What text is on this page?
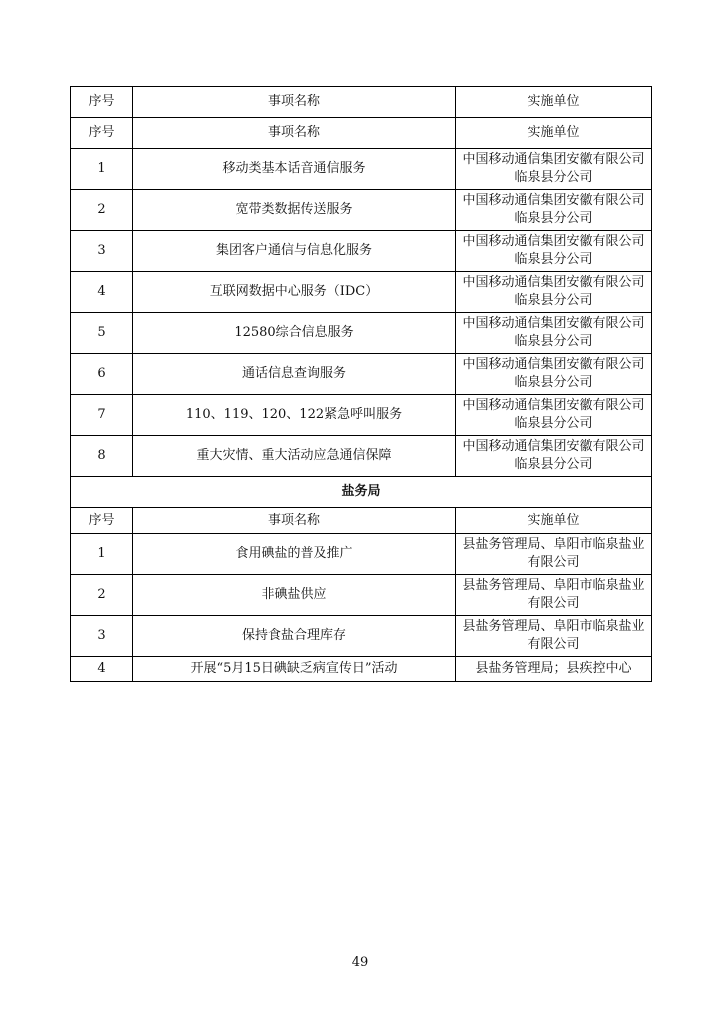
序号	事项名称	实施单位
序号	事项名称	实施单位
1	移动类基本话音通信服务	中国移动通信集团安徽有限公司
临泉县分公司
2	宽带类数据传送服务	中国移动通信集团安徽有限公司
临泉县分公司
3	集团客户通信与信息化服务	中国移动通信集团安徽有限公司
临泉县分公司
4	互联网数据中心服务（IDC）	中国移动通信集团安徽有限公司
临泉县分公司
5	12580综合信息服务	中国移动通信集团安徽有限公司
临泉县分公司
6	通话信息查询服务	中国移动通信集团安徽有限公司
临泉县分公司
7	110、119、120、122紧急呼叫服务	中国移动通信集团安徽有限公司
临泉县分公司
8	重大灾情、重大活动应急通信保障	中国移动通信集团安徽有限公司
临泉县分公司
盐务局		
序号	事项名称	实施单位
1	食用碘盐的普及推广	县盐务管理局、阜阳市临泉盐业
有限公司
2	非碘盐供应	县盐务管理局、阜阳市临泉盐业
有限公司
3	保持食盐合理库存	县盐务管理局、阜阳市临泉盐业
有限公司
4	开展“5月15日碘缺乏病宣传日”活动	县盐务管理局；县疾控中心
49
